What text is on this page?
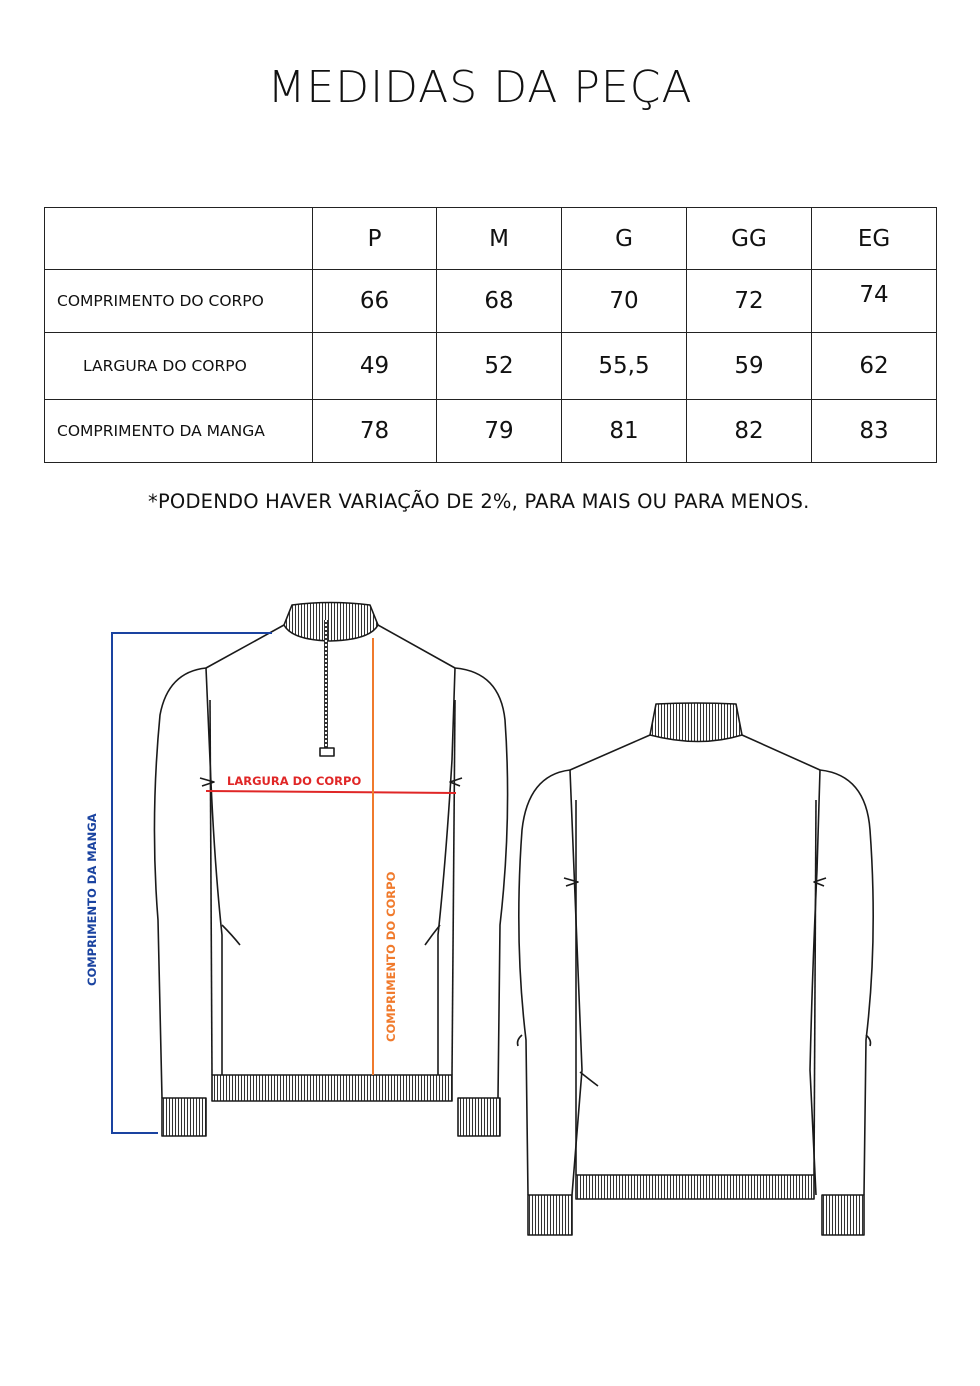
MEDIDAS DA PEÇA
	P	M	G	GG	EG
COMPRIMENTO DO CORPO	66	68	70	72	74
LARGURA DO CORPO	49	52	55,5	59	62
COMPRIMENTO DA MANGA	78	79	81	82	83
*PODENDO HAVER VARIAÇÃO DE 2%, PARA MAIS OU PARA MENOS.
LARGURA DO CORPO
COMPRIMENTO DO CORPO
COMPRIMENTO DA MANGA
